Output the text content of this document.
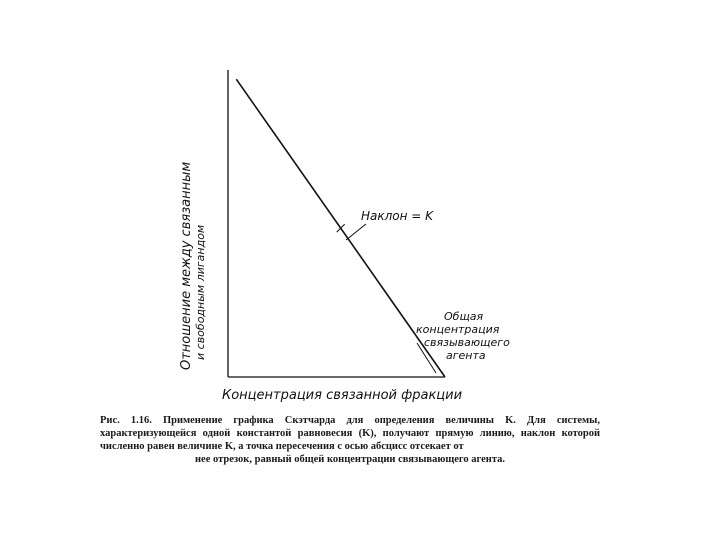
Отношение между связанным и свободным лигандом
Концентрация связанной фракции
Наклон = K
Общая
концентрация
связывающего
агента
Рис. 1.16. Применение графика Скэтчарда для определения величины K. Для системы, характеризующейся одной константой равновесия (K), получают прямую линию, наклон которой численно равен величине K, а точка пересечения с осью абсцисс отсекает от
нее отрезок, равный общей концентрации связывающего агента.
